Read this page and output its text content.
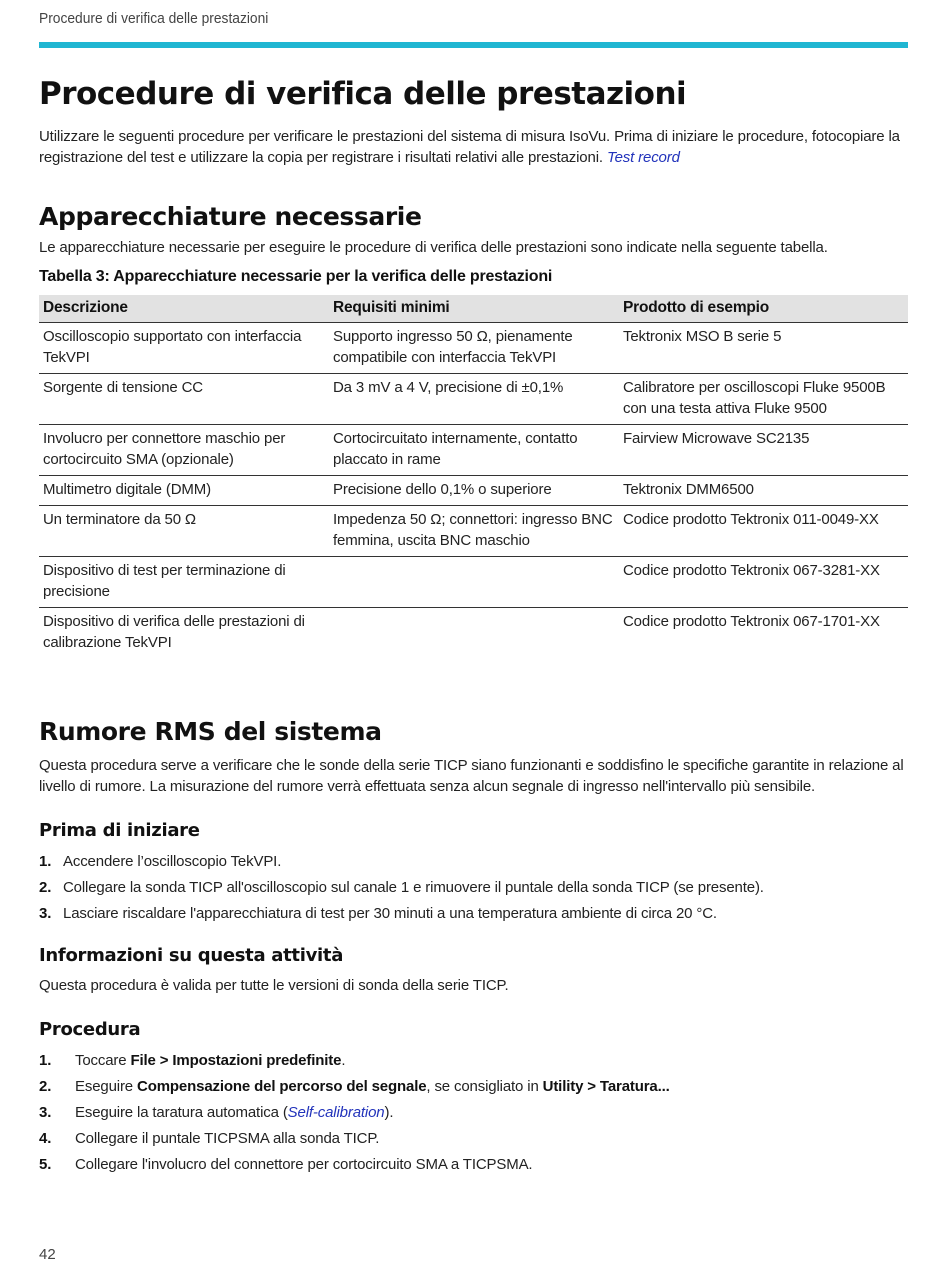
Procedure di verifica delle prestazioni
Procedure di verifica delle prestazioni

Utilizzare le seguenti procedure per verificare le prestazioni del sistema di misura IsoVu. Prima di iniziare le procedure, fotocopiare la registrazione del test e utilizzare la copia per registrare i risultati relativi alle prestazioni. Test record

Apparecchiature necessarie

Le apparecchiature necessarie per eseguire le procedure di verifica delle prestazioni sono indicate nella seguente tabella.

Tabella 3: Apparecchiature necessarie per la verifica delle prestazioni
Descrizione	Requisiti minimi	Prodotto di esempio
Oscilloscopio supportato con interfaccia TekVPI	Supporto ingresso 50 Ω, pienamente compatibile con interfaccia TekVPI	Tektronix MSO B serie 5
Sorgente di tensione CC	Da 3 mV a 4 V, precisione di ±0,1%	Calibratore per oscilloscopi Fluke 9500B con una testa attiva Fluke 9500
Involucro per connettore maschio per cortocircuito SMA (opzionale)	Cortocircuitato internamente, contatto placcato in rame	Fairview Microwave SC2135
Multimetro digitale (DMM)	Precisione dello 0,1% o superiore	Tektronix DMM6500
Un terminatore da 50 Ω	Impedenza 50 Ω; connettori: ingresso BNC femmina, uscita BNC maschio	Codice prodotto Tektronix 011-0049-XX
Dispositivo di test per terminazione di precisione		Codice prodotto Tektronix 067-3281-XX
Dispositivo di verifica delle prestazioni di calibrazione TekVPI		Codice prodotto Tektronix 067-1701-XX
Rumore RMS del sistema

Questa procedura serve a verificare che le sonde della serie TICP siano funzionanti e soddisfino le specifiche garantite in relazione al livello di rumore. La misurazione del rumore verrà effettuata senza alcun segnale di ingresso nell'intervallo più sensibile.

Prima di iniziare
1. Accendere l’oscilloscopio TekVPI.
2. Collegare la sonda TICP all'oscilloscopio sul canale 1 e rimuovere il puntale della sonda TICP (se presente).
3. Lasciare riscaldare l'apparecchiatura di test per 30 minuti a una temperatura ambiente di circa 20 °C.
Informazioni su questa attività

Questa procedura è valida per tutte le versioni di sonda della serie TICP.

Procedura
1. Toccare File > Impostazioni predefinite.
2. Eseguire Compensazione del percorso del segnale, se consigliato in Utility > Taratura...
3. Eseguire la taratura automatica (Self-calibration).
4. Collegare il puntale TICPSMA alla sonda TICP.
5. Collegare l'involucro del connettore per cortocircuito SMA a TICPSMA.
42
